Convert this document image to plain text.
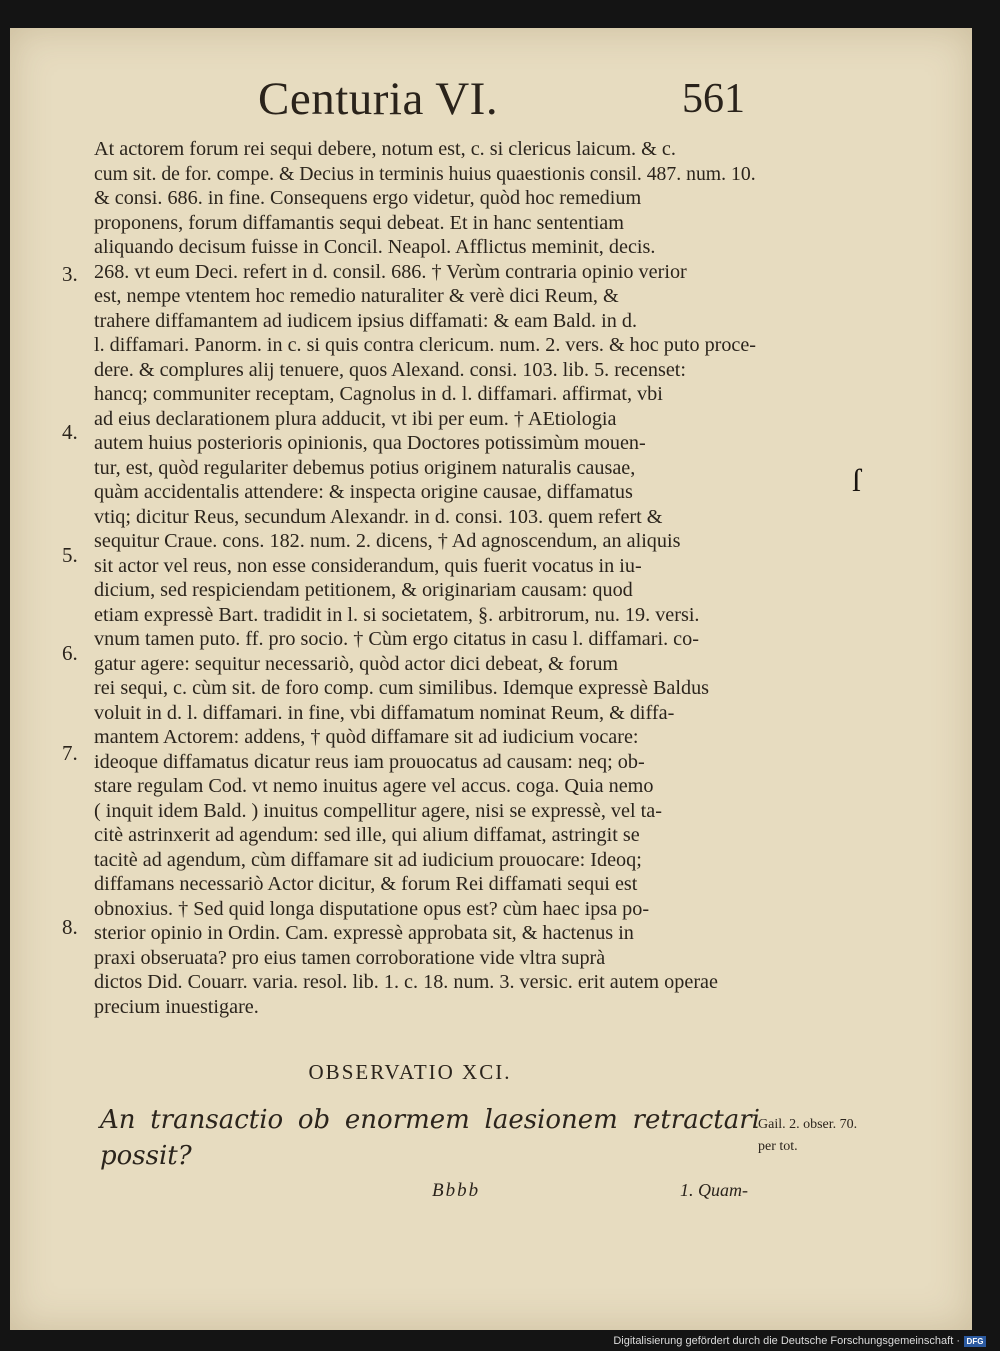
Centuria VI.	561
At actorem forum rei sequi debere, notum est, c. si clericus laicum. & c.
cum sit. de for. compe. & Decius in terminis huius quaestionis consil. 487. num. 10.
& consi. 686. in fine. Consequens ergo videtur, quòd hoc remedium
proponens, forum diffamantis sequi debeat. Et in hanc sententiam
aliquando decisum fuisse in Concil. Neapol. Afflictus meminit, decis.
268. vt eum Deci. refert in d. consil. 686. † Verùm contraria opinio verior
est, nempe vtentem hoc remedio naturaliter & verè dici Reum, &
trahere diffamantem ad iudicem ipsius diffamati: & eam Bald. in d.
l. diffamari. Panorm. in c. si quis contra clericum. num. 2. vers. & hoc puto proce-
dere. & complures alij tenuere, quos Alexand. consi. 103. lib. 5. recenset:
hancq; communiter receptam, Cagnolus in d. l. diffamari. affirmat, vbi
ad eius declarationem plura adducit, vt ibi per eum. † AEtiologia
autem huius posterioris opinionis, qua Doctores potissimùm mouen-
tur, est, quòd regulariter debemus potius originem naturalis causae,
quàm accidentalis attendere: & inspecta origine causae, diffamatus
vtiq; dicitur Reus, secundum Alexandr. in d. consi. 103. quem refert &
sequitur Craue. cons. 182. num. 2. dicens, † Ad agnoscendum, an aliquis
sit actor vel reus, non esse considerandum, quis fuerit vocatus in iu-
dicium, sed respiciendam petitionem, & originariam causam: quod
etiam expressè Bart. tradidit in l. si societatem, §. arbitrorum, nu. 19. versi.
vnum tamen puto. ff. pro socio. † Cùm ergo citatus in casu l. diffamari. co-
gatur agere: sequitur necessariò, quòd actor dici debeat, & forum
rei sequi, c. cùm sit. de foro comp. cum similibus. Idemque expressè Baldus
voluit in d. l. diffamari. in fine, vbi diffamatum nominat Reum, & diffa-
mantem Actorem: addens, † quòd diffamare sit ad iudicium vocare:
ideoque diffamatus dicatur reus iam prouocatus ad causam: neq; ob-
stare regulam Cod. vt nemo inuitus agere vel accus. coga. Quia nemo
( inquit idem Bald. ) inuitus compellitur agere, nisi se expressè, vel ta-
citè astrinxerit ad agendum: sed ille, qui alium diffamat, astringit se
tacitè ad agendum, cùm diffamare sit ad iudicium prouocare: Ideoq;
diffamans necessariò Actor dicitur, & forum Rei diffamati sequi est
obnoxius. † Sed quid longa disputatione opus est? cùm haec ipsa po-
sterior opinio in Ordin. Cam. expressè approbata sit, & hactenus in
praxi obseruata? pro eius tamen corroboratione vide vltra suprà
dictos Did. Couarr. varia. resol. lib. 1. c. 18. num. 3. versic. erit autem operae
precium inuestigare.
3.
4.
5.
6.
7.
8.
ſ
OBSERVATIO XCI.
An transactio ob enormem laesionem retractari possit?
Gail. 2. obser. 70. per tot.
Bbbb	1. Quam-
Digitalisierung gefördert durch die Deutsche Forschungsgemeinschaft · DFG
